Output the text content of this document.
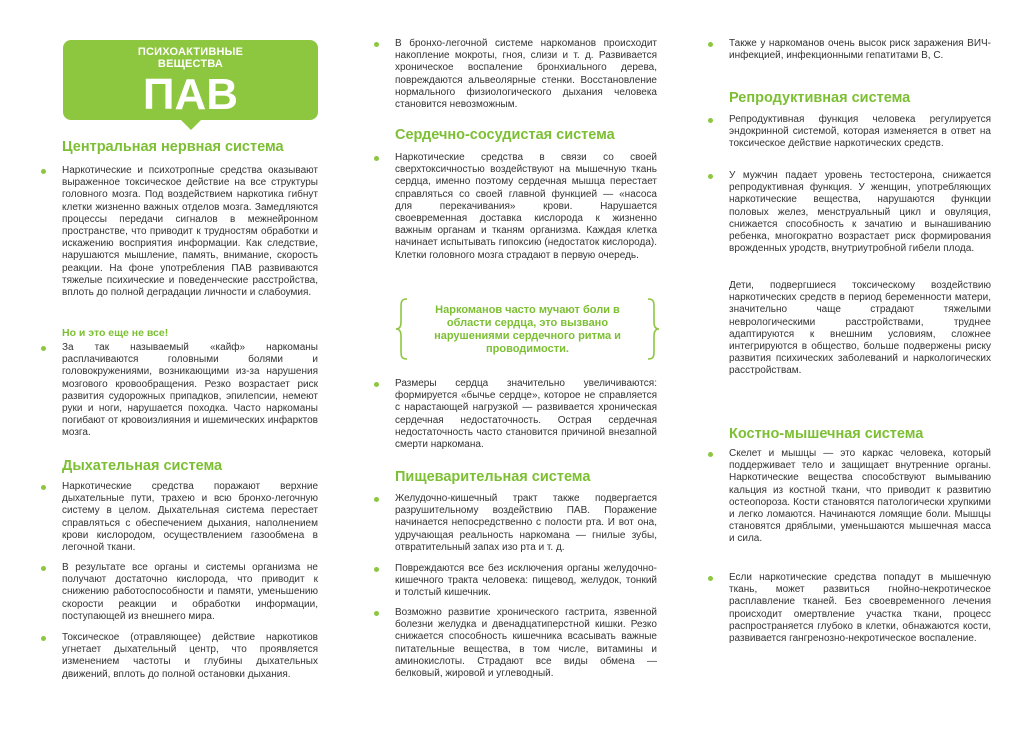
ПСИХОАКТИВНЫЕ
ВЕЩЕСТВА
ПАВ
Центральная нервная система
Наркотические и психотропные средства оказывают выраженное токсическое действие на все структуры головного мозга. Под воздействием наркотика гибнут клетки жизненно важных отделов мозга. Замедляются процессы передачи сигналов в межнейронном пространстве, что приводит к трудностям обработки и искажению восприятия информации. Как следствие, нарушаются мышление, память, внимание, скорость реакции. На фоне употребления ПАВ развиваются тяжелые психические и поведенческие расстройства, вплоть до полной деградации личности и слабоумия.
Но и это еще не все!
За так называемый «кайф» наркоманы расплачиваются головными болями и головокружениями, возникающими из-за нарушения мозгового кровообращения. Резко возрастает риск развития судорожных припадков, эпилепсии, немеют руки и ноги, нарушается походка. Часто наркоманы погибают от кровоизлияния и ишемических инфарктов мозга.
Дыхательная система
Наркотические средства поражают верхние дыхательные пути, трахею и всю бронхо-легочную систему в целом. Дыхательная система перестает справляться с обеспечением дыхания, наполнением крови кислородом, осуществлением газообмена в легочной ткани.
В результате все органы и системы организма не получают достаточно кислорода, что приводит к снижению работоспособности и памяти, уменьшению скорости реакции и обработки информации, поступающей из внешнего мира.
Токсическое (отравляющее) действие наркотиков угнетает дыхательный центр, что проявляется изменением частоты и глубины дыхательных движений, вплоть до полной остановки дыхания.
В бронхо-легочной системе наркоманов происходит накопление мокроты, гноя, слизи и т. д. Развивается хроническое воспаление бронхиального дерева, повреждаются альвеолярные стенки. Восстановление нормального физиологического дыхания человека становится невозможным.
Сердечно-сосудистая система
Наркотические средства в связи со своей сверхтоксичностью воздействуют на мышечную ткань сердца, именно поэтому сердечная мышца перестает справляться со своей главной функцией — «насоса для перекачивания» крови. Нарушается своевременная доставка кислорода к жизненно важным органам и тканям организма. Каждая клетка начинает испытывать гипоксию (недостаток кислорода). Клетки головного мозга страдают в первую очередь.
Наркоманов часто мучают боли в области сердца, это вызвано нарушениями сердечного ритма и проводимости.
Размеры сердца значительно увеличиваются: формируется «бычье сердце», которое не справляется с нарастающей нагрузкой — развивается хроническая сердечная недостаточность. Острая сердечная недостаточность часто становится причиной внезапной смерти наркомана.
Пищеварительная система
Желудочно-кишечный тракт также подвергается разрушительному воздействию ПАВ. Поражение начинается непосредственно с полости рта. И вот она, удручающая реальность наркомана — гнилые зубы, отвратительный запах изо рта и т. д.
Повреждаются все без исключения органы желудочно-кишечного тракта человека: пищевод, желудок, тонкий и толстый кишечник.
Возможно развитие хронического гастрита, язвенной болезни желудка и двенадцатиперстной кишки. Резко снижается способность кишечника всасывать важные питательные вещества, в том числе, витамины и аминокислоты. Страдают все виды обмена — белковый, жировой и углеводный.
Также у наркоманов очень высок риск заражения ВИЧ-инфекцией, инфекционными гепатитами В, С.
Репродуктивная система
Репродуктивная функция человека регулируется эндокринной системой, которая изменяется в ответ на токсическое действие наркотических средств.
У мужчин падает уровень тестостерона, снижается репродуктивная функция. У женщин, употребляющих наркотические вещества, нарушаются функции половых желез, менструальный цикл и овуляция, снижается способность к зачатию и вынашиванию ребенка, многократно возрастает риск формирования врожденных уродств, внутриутробной гибели плода.
Дети, подвергшиеся токсическому воздействию наркотических средств в период беременности матери, значительно чаще страдают тяжелыми неврологическими расстройствами, труднее адаптируются к внешним условиям, сложнее интегрируются в общество, больше подвержены риску развития психических заболеваний и наркологических расстройствам.
Костно-мышечная система
Скелет и мышцы — это каркас человека, который поддерживает тело и защищает внутренние органы. Наркотические вещества способствуют вымыванию кальция из костной ткани, что приводит к развитию остеопороза. Кости становятся патологически хрупкими и легко ломаются. Начинаются ломящие боли. Мышцы становятся дряблыми, уменьшаются мышечная масса и сила.
Если наркотические средства попадут в мышечную ткань, может развиться гнойно-некротическое расплавление тканей. Без своевременного лечения происходит омертвление участка ткани, процесс распространяется глубоко в клетки, обнажаются кости, развивается гангренозно-некротическое воспаление.
